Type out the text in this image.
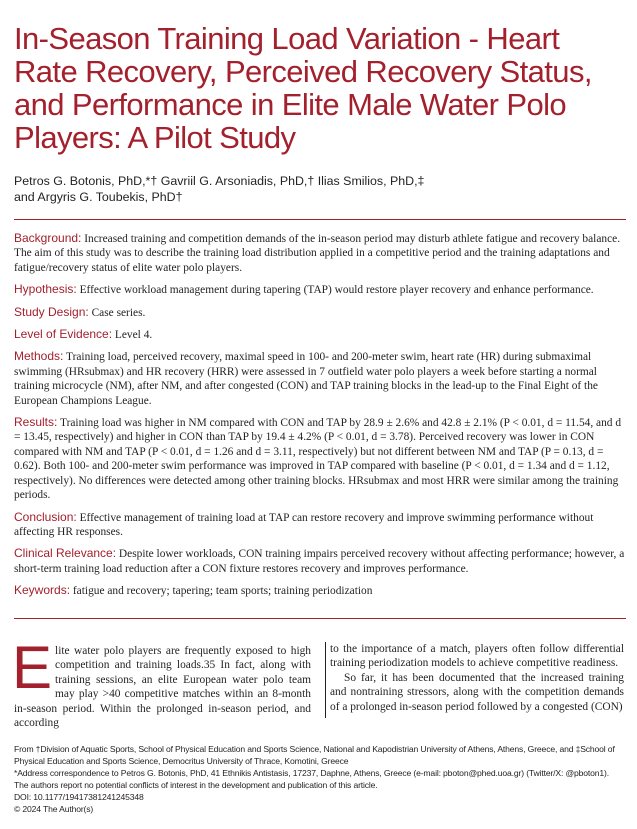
In-Season Training Load Variation - Heart Rate Recovery, Perceived Recovery Status, and Performance in Elite Male Water Polo Players: A Pilot Study
Petros G. Botonis, PhD,*† Gavriil G. Arsoniadis, PhD,† Ilias Smilios, PhD,‡
and Argyris G. Toubekis, PhD†

Background: Increased training and competition demands of the in-season period may disturb athlete fatigue and recovery balance. The aim of this study was to describe the training load distribution applied in a competitive period and the training adaptations and fatigue/recovery status of elite water polo players.

Hypothesis: Effective workload management during tapering (TAP) would restore player recovery and enhance performance.

Study Design: Case series.

Level of Evidence: Level 4.

Methods: Training load, perceived recovery, maximal speed in 100- and 200-meter swim, heart rate (HR) during submaximal swimming (HRsubmax) and HR recovery (HRR) were assessed in 7 outfield water polo players a week before starting a normal training microcycle (NM), after NM, and after congested (CON) and TAP training blocks in the lead-up to the Final Eight of the European Champions League.

Results: Training load was higher in NM compared with CON and TAP by 28.9 ± 2.6% and 42.8 ± 2.1% (P < 0.01, d = 11.54, and d = 13.45, respectively) and higher in CON than TAP by 19.4 ± 4.2% (P < 0.01, d = 3.78). Perceived recovery was lower in CON compared with NM and TAP (P < 0.01, d = 1.26 and d = 3.11, respectively) but not different between NM and TAP (P = 0.13, d = 0.62). Both 100- and 200-meter swim performance was improved in TAP compared with baseline (P < 0.01, d = 1.34 and d = 1.12, respectively). No differences were detected among other training blocks. HRsubmax and most HRR were similar among the training periods.

Conclusion: Effective management of training load at TAP can restore recovery and improve swimming performance without affecting HR responses.

Clinical Relevance: Despite lower workloads, CON training impairs perceived recovery without affecting performance; however, a short-term training load reduction after a CON fixture restores recovery and improves performance.

Keywords: fatigue and recovery; tapering; team sports; training periodization

Elite water polo players are frequently exposed to high competition and training loads.35 In fact, along with training sessions, an elite European water polo team may play >40 competitive matches within an 8-month in-season period. Within the prolonged in-season period, and according
to the importance of a match, players often follow differential training periodization models to achieve competitive readiness.
So far, it has been documented that the increased training and nontraining stressors, along with the competition demands of a prolonged in-season period followed by a congested (CON)

From †Division of Aquatic Sports, School of Physical Education and Sports Science, National and Kapodistrian University of Athens, Athens, Greece, and ‡School of Physical Education and Sports Science, Democritus University of Thrace, Komotini, Greece

*Address correspondence to Petros G. Botonis, PhD, 41 Ethnikis Antistasis, 17237, Daphne, Athens, Greece (e-mail: pboton@phed.uoa.gr) (Twitter/X: @pboton1).

The authors report no potential conflicts of interest in the development and publication of this article.

DOI: 10.1177/19417381241245348

© 2024 The Author(s)
